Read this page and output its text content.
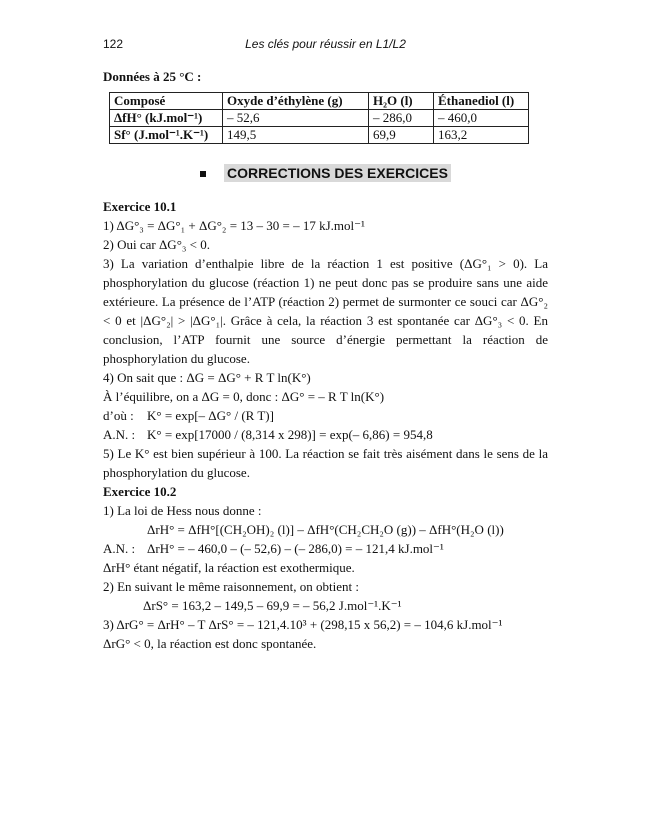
122	Les clés pour réussir en L1/L2

Données à 25 °C :

Composé	Oxyde d’éthylène (g)	H₂O (l)	Éthanediol (l)
ΔfH° (kJ.mol⁻¹)	– 52,6	– 286,0	– 460,0
Sf° (J.mol⁻¹.K⁻¹)	149,5	69,9	163,2
CORRECTIONS DES EXERCICES

Exercice 10.1

1) ΔG°₃ = ΔG°₁ + ΔG°₂ = 13 – 30 = – 17 kJ.mol⁻¹

2) Oui car ΔG°₃ < 0.

3) La variation d’enthalpie libre de la réaction 1 est positive (ΔG°₁ > 0). La phosphorylation du glucose (réaction 1) ne peut donc pas se produire sans une aide extérieure. La présence de l’ATP (réaction 2) permet de surmonter ce souci car ΔG°₂ < 0 et |ΔG°₂| > |ΔG°₁|. Grâce à cela, la réaction 3 est spontanée car ΔG°₃ < 0. En conclusion, l’ATP fournit une source d’énergie permettant la réaction de phosphorylation du glucose.

4) On sait que : ΔG = ΔG° + R T ln(K°)

À l’équilibre, on a ΔG = 0, donc : ΔG° = – R T ln(K°)

d’où : K° = exp[– ΔG° / (R T)]

A.N. : K° = exp[17000 / (8,314 x 298)] = exp(– 6,86) = 954,8

5) Le K° est bien supérieur à 100. La réaction se fait très aisément dans le sens de la phosphorylation du glucose.

Exercice 10.2

1) La loi de Hess nous donne :

ΔrH° = ΔfH°[(CH₂OH)₂ (l)] – ΔfH°(CH₂CH₂O (g)) – ΔfH°(H₂O (l))

A.N. : ΔrH° = – 460,0 – (– 52,6) – (– 286,0) = – 121,4 kJ.mol⁻¹

ΔrH° étant négatif, la réaction est exothermique.

2) En suivant le même raisonnement, on obtient :

ΔrS° = 163,2 – 149,5 – 69,9 = – 56,2 J.mol⁻¹.K⁻¹

3) ΔrG° = ΔrH° – T ΔrS° = – 121,4.10³ + (298,15 x 56,2) = – 104,6 kJ.mol⁻¹

ΔrG° < 0, la réaction est donc spontanée.
